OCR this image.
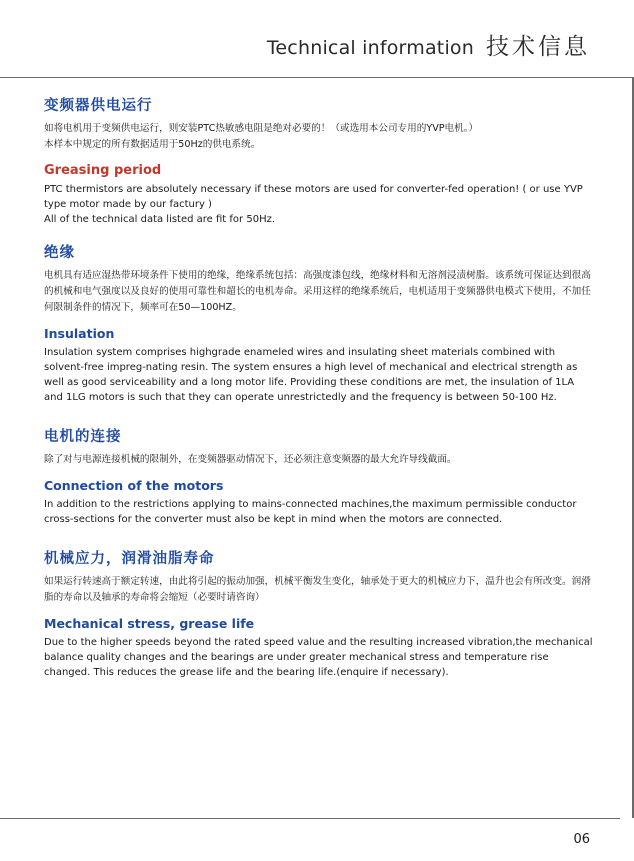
Technical information 技术信息
变频器供电运行

如将电机用于变频供电运行，则安装PTC热敏感电阻是绝对必要的！（或选用本公司专用的YVP电机。）

本样本中规定的所有数据适用于50Hz的供电系统。

Greasing period

PTC thermistors are absolutely necessary if these motors are used for converter-fed operation! ( or use YVP type motor made by our factury )

All of the technical data listed are fit for 50Hz.

绝缘

电机具有适应湿热带环境条件下使用的绝缘，绝缘系统包括：高强度漆包线，绝缘材料和无溶剂浸渍树脂。该系统可保证达到很高的机械和电气强度以及良好的使用可靠性和超长的电机寿命。采用这样的绝缘系统后，电机适用于变频器供电模式下使用，不加任何限制条件的情况下，频率可在50—100HZ。

Insulation

Insulation system comprises highgrade enameled wires and insulating sheet materials combined with solvent-free impreg-nating resin. The system ensures a high level of mechanical and electrical strength as well as good serviceability and a long motor life. Providing these conditions are met, the insulation of 1LA and 1LG motors is such that they can operate unrestrictedly and the frequency is between 50-100 Hz.

电机的连接

除了对与电源连接机械的限制外，在变频器驱动情况下，还必须注意变频器的最大允许导线截面。

Connection of the motors

In addition to the restrictions applying to mains-connected machines,the maximum permissible conductor cross-sections for the converter must also be kept in mind when the motors are connected.

机械应力，润滑油脂寿命

如果运行转速高于额定转速，由此将引起的振动加强，机械平衡发生变化，轴承处于更大的机械应力下，温升也会有所改变。润滑脂的寿命以及轴承的寿命将会缩短（必要时请咨询）

Mechanical stress, grease life

Due to the higher speeds beyond the rated speed value and the resulting increased vibration,the mechanical balance quality changes and the bearings are under greater mechanical stress and temperature rise changed. This reduces the grease life and the bearing life.(enquire if necessary).

06
